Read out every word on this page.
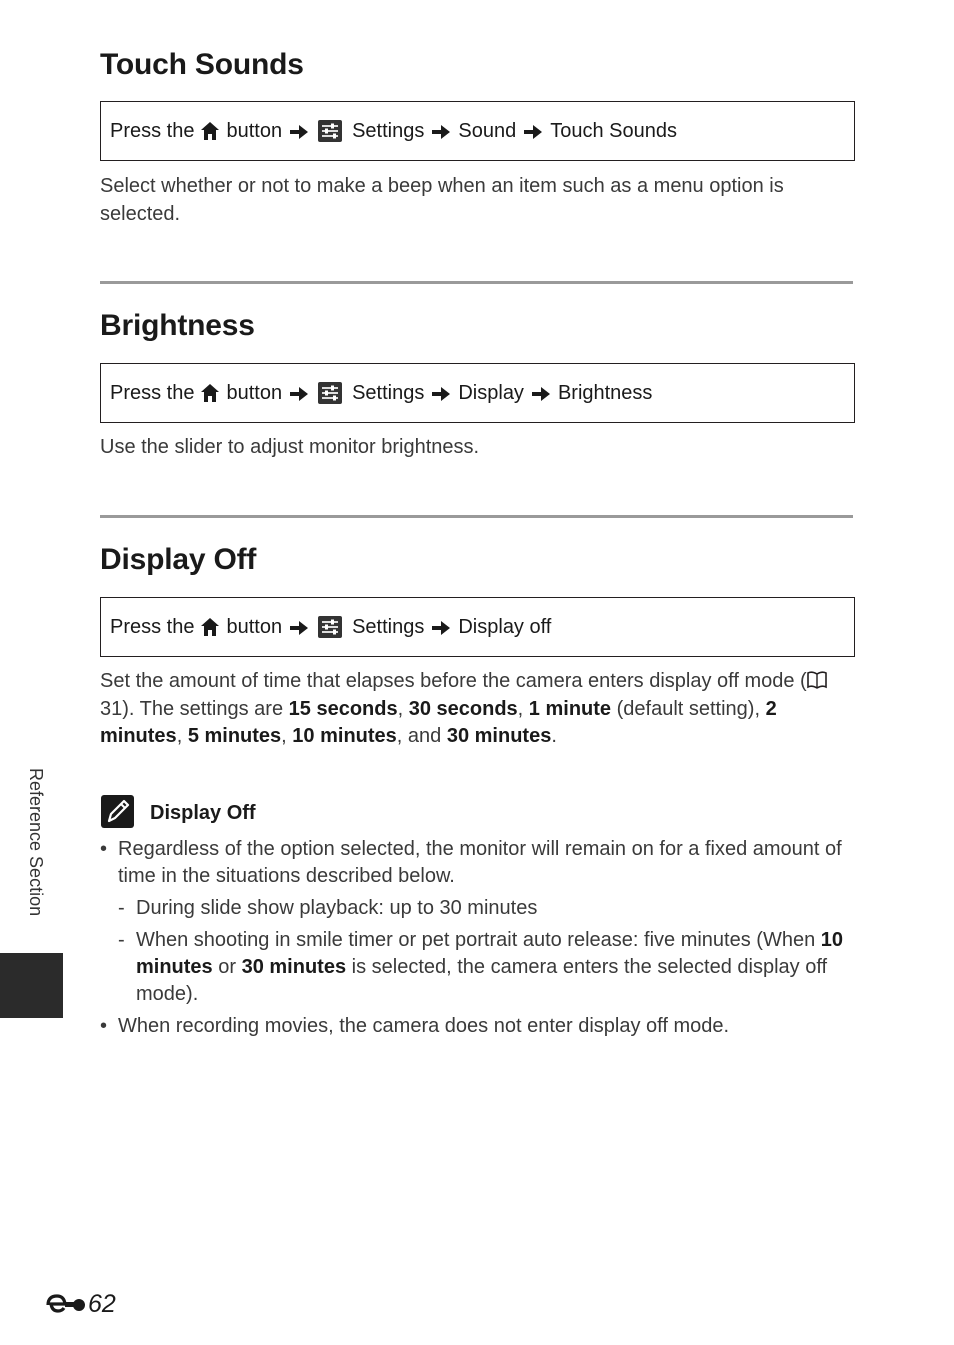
Touch Sounds
Press the button	Settings Sound Touch Sounds

Select whether or not to make a beep when an item such as a menu option is selected.

Brightness
Press the button	Settings Display Brightness

Use the slider to adjust monitor brightness.

Display Off
Press the button	Settings Display off

Set the amount of time that elapses before the camera enters display off mode (31). The settings are 15 seconds, 30 seconds, 1 minute (default setting), 2 minutes, 5 minutes, 10 minutes, and 30 minutes.

Display Off
• Regardless of the option selected, the monitor will remain on for a fixed amount of time in the situations described below.
- During slide show playback: up to 30 minutes
- When shooting in smile timer or pet portrait auto release: five minutes (When 10 minutes or 30 minutes is selected, the camera enters the selected display off mode).
• When recording movies, the camera does not enter display off mode.
Reference Section
62
